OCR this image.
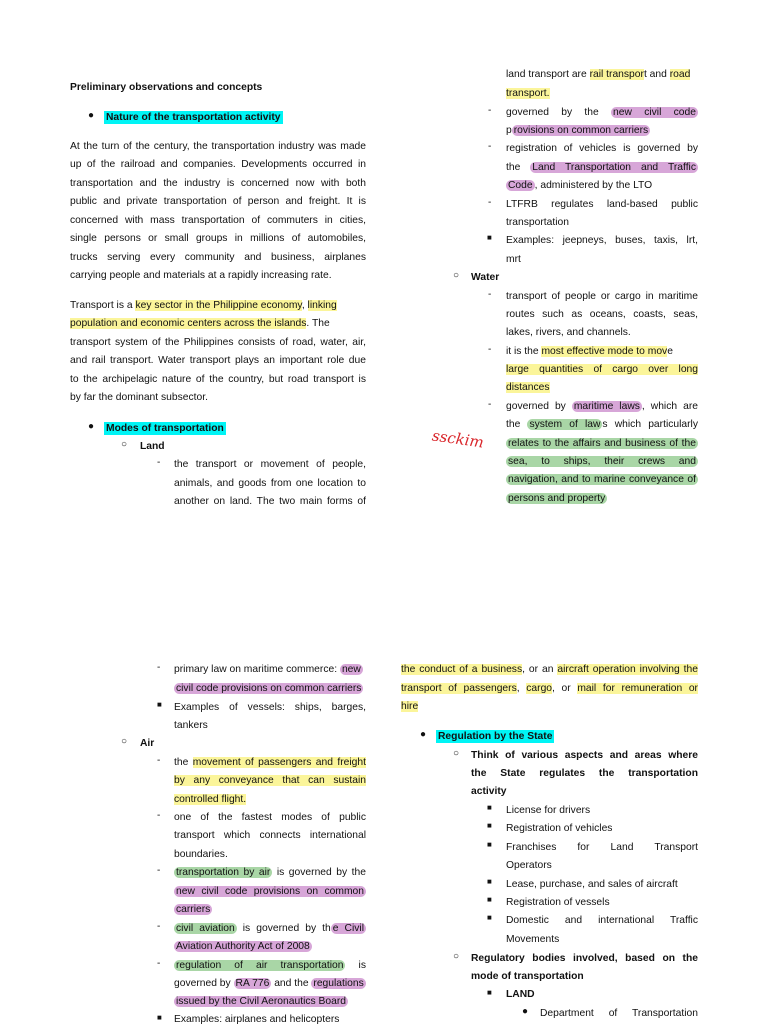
Preliminary observations and concepts
● Nature of the transportation activity
At the turn of the century, the transportation industry was made
up of the railroad and companies. Developments occurred in
transportation and the industry is concerned now with both
public and private transportation of person and freight. It is
concerned with mass transportation of commuters in cities,
single persons or small groups in millions of automobiles,
trucks serving every community and business, airplanes
carrying people and materials at a rapidly increasing rate.
Transport is a key sector in the Philippine economy, linking
population and economic centers across the islands. The
transport system of the Philippines consists of road, water, air,
and rail transport. Water transport plays an important role due
to the archipelagic nature of the country, but road transport is
by far the dominant subsector.
● Modes of transportation
○ Land
- the transport or movement of people,
animals, and goods from one location to
another on land. The two main forms of
land transport are rail transport and road
transport.
- governed by the new civil code
p rovisions on common carriers
- registration of vehicles is governed by
the Land Transportation and Traffic
Code , administered by the LTO
- LTFRB regulates land-based public
transportation
■ Examples: jeepneys, buses, taxis, lrt,
mrt
○ Water
- transport of people or cargo in maritime
routes such as oceans, coasts, seas,
lakes, rivers, and channels.
- it is the most effective mode to move
large quantities of cargo over long
distances
- governed by maritime laws , which are
the system of law s which particularly
relates to the affairs and business of the
sea, to ships, their crews and
navigation, and to marine conveyance of
persons and property
ssckim
- primary law on maritime commerce: new
civil code provisions on common carriers
■ Examples of vessels: ships, barges,
tankers
○ Air
- the movement of passengers and freight
by any conveyance that can sustain
controlled flight.
- one of the fastest modes of public
transport which connects international
boundaries.
- transportation by air is governed by the
new civil code provisions on common
carriers
- civil aviation is governed by th e Civil
Aviation Authority Act of 2008
- regulation of air transportation is
governed by RA 776 and the regulations
issued by the Civil Aeronautics Board
■ Examples: airplanes and helicopters
the conduct of a business, or an aircraft operation involving the
transport of passengers, cargo, or mail for remuneration or
hire
● Regulation by the State
○ Think of various aspects and areas where
the State regulates the transportation
activity
■ License for drivers
■ Registration of vehicles
■ Franchises for Land Transport
Operators
■ Lease, purchase, and sales of aircraft
■ Registration of vessels
■ Domestic and international Traffic
Movements
○ Regulatory bodies involved, based on the
mode of transportation
■ LAND
● Department of Transportation
